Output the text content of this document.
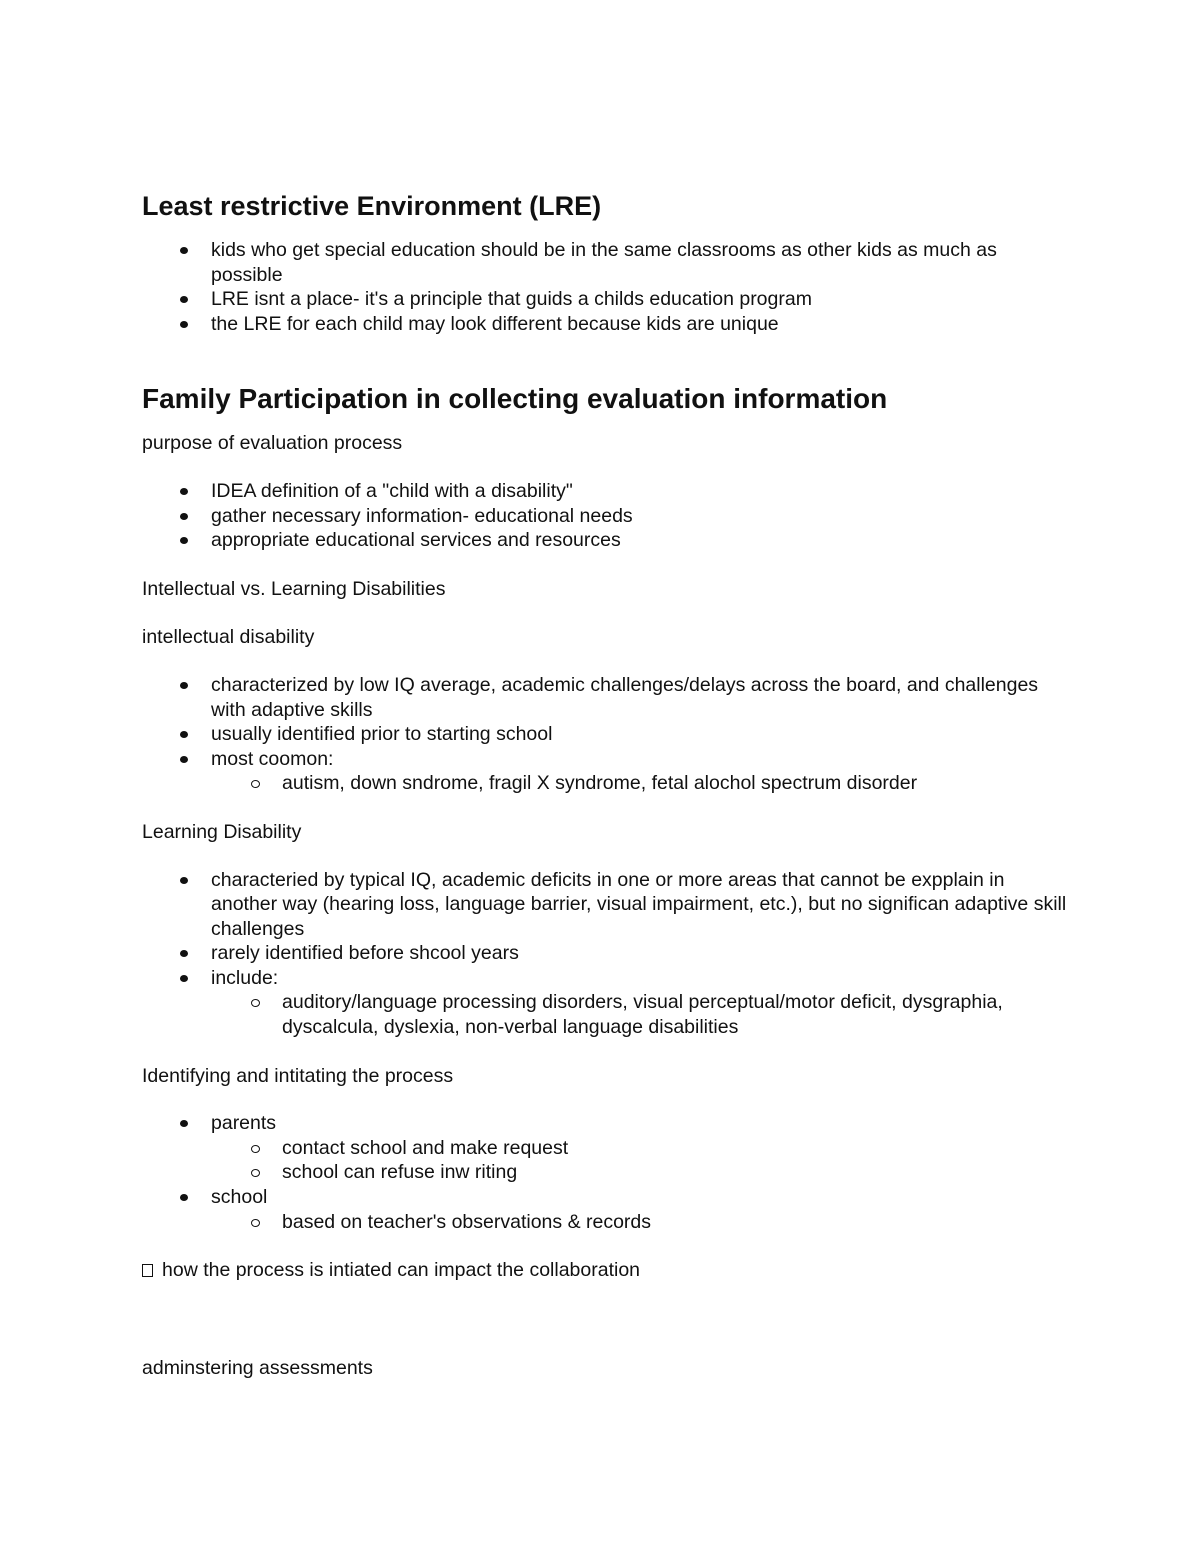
Least restrictive Environment (LRE)
kids who get special education should be in the same classrooms as other kids as much as possible
LRE isnt a place- it's a principle that guids a childs education program
the LRE for each child may look different because kids are unique
Family Participation in collecting evaluation information

purpose of evaluation process

IDEA definition of a "child with a disability"
gather necessary information- educational needs
appropriate educational services and resources

Intellectual vs. Learning Disabilities

intellectual disability

characterized by low IQ average, academic challenges/delays across the board, and challenges with adaptive skills
usually identified prior to starting school
most coomon:
autism, down sndrome, fragil X syndrome, fetal alochol spectrum disorder

Learning Disability

characteried by typical IQ, academic deficits in one or more areas that cannot be expplain in another way (hearing loss, language barrier, visual impairment, etc.), but no significan adaptive skill challenges
rarely identified before shcool years
include:
auditory/language processing disorders, visual perceptual/motor deficit, dysgraphia, dyscalcula, dyslexia, non-verbal language disabilities

Identifying and intitating the process

parents
contact school and make request
school can refuse inw riting
school
based on teacher's observations & records

how the process is intiated can impact the collaboration

adminstering assessments
